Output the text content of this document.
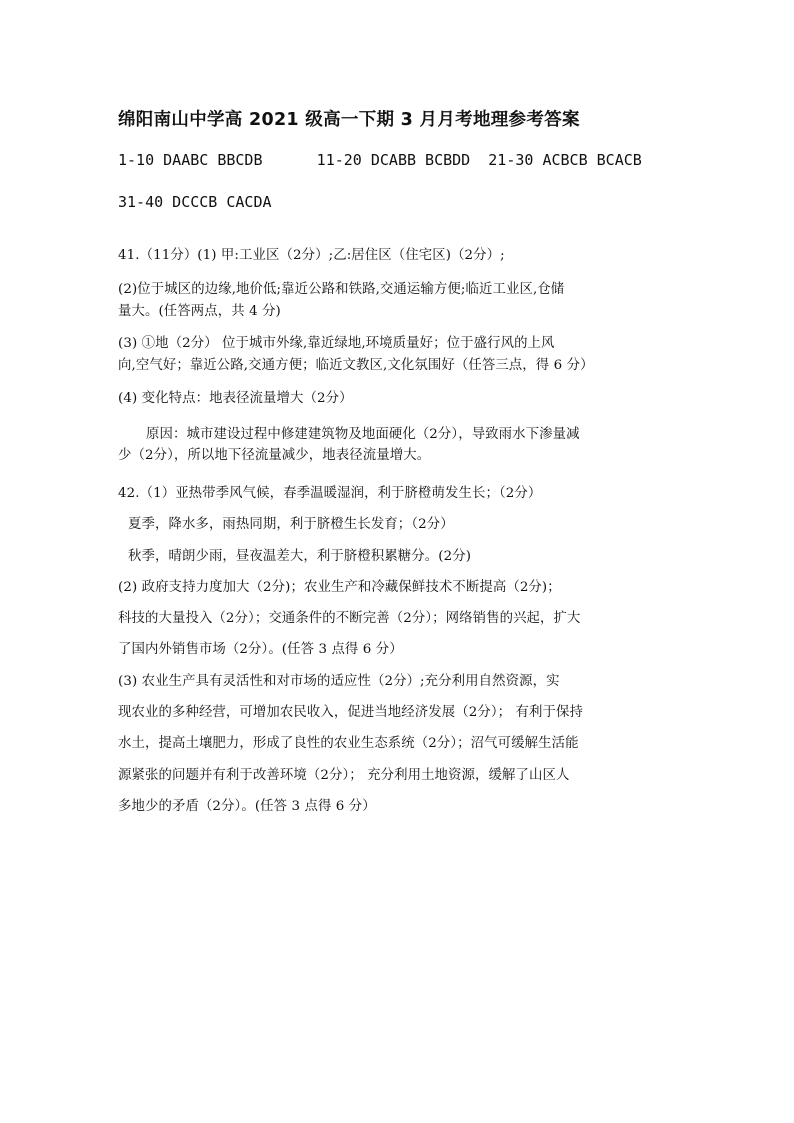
绵阳南山中学高 2021 级高一下期 3 月月考地理参考答案
1-10 DAABC BBCDB      11-20 DCABB BCBDD  21-30 ACBCB BCACB
31-40 DCCCB CACDA
41.（11分）(1) 甲:工业区（2分）;乙:居住区（住宅区)（2分）;
(2)位于城区的边缘,地价低;靠近公路和铁路,交通运输方便;临近工业区,仓储
量大。(任答两点，共 4 分)
(3) ①地（2分） 位于城市外缘,靠近绿地,环境质量好；位于盛行风的上风
向,空气好；靠近公路,交通方便；临近文教区,文化氛围好（任答三点，得 6 分）
(4) 变化特点：地表径流量增大（2分）
原因：城市建设过程中修建建筑物及地面硬化（2分），导致雨水下渗量减
少（2分），所以地下径流量减少，地表径流量增大。
42.（1）亚热带季风气候，春季温暖湿润，利于脐橙萌发生长；（2分）
夏季，降水多，雨热同期，利于脐橙生长发育；（2分）
秋季，晴朗少雨，昼夜温差大，利于脐橙积累糖分。(2分)
(2) 政府支持力度加大（2分)；农业生产和冷藏保鲜技术不断提高（2分)；
科技的大量投入（2分）；交通条件的不断完善（2分）；网络销售的兴起，扩大
了国内外销售市场（2分）。(任答 3 点得 6 分）
(3) 农业生产具有灵活性和对市场的适应性（2分）;充分利用自然资源，实
现农业的多种经营，可增加农民收入，促进当地经济发展（2分）； 有利于保持
水土，提高土壤肥力，形成了良性的农业生态系统（2分）；沼气可缓解生活能
源紧张的问题并有利于改善环境（2分）； 充分利用土地资源，缓解了山区人
多地少的矛盾（2分）。(任答 3 点得 6 分）
